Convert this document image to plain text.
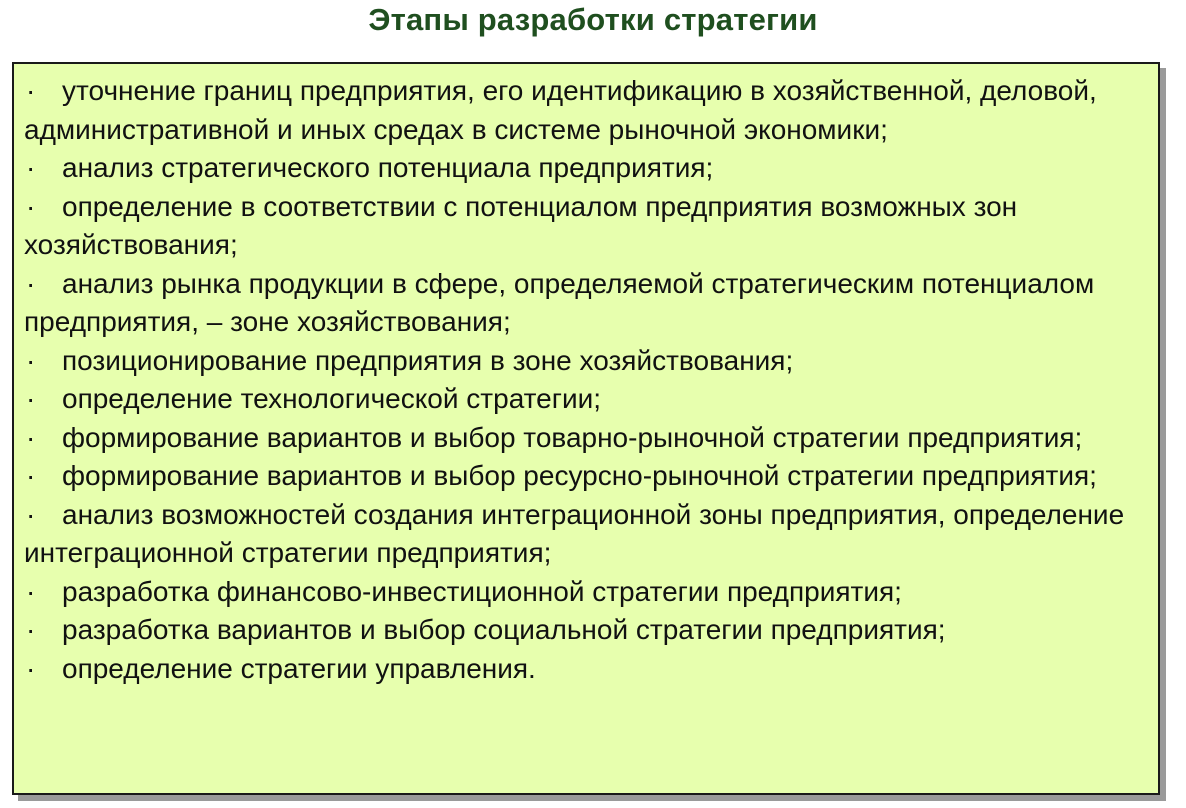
Этапы разработки стратегии
· уточнение границ предприятия, его идентификацию в хозяйственной, деловой, административной и иных средах в системе рыночной экономики;
· анализ стратегического потенциала предприятия;
· определение в соответствии с потенциалом предприятия возможных зон хозяйствования;
· анализ рынка продукции в сфере, определяемой стратегическим потенциалом предприятия, – зоне хозяйствования;
· позиционирование предприятия в зоне хозяйствования;
· определение технологической стратегии;
· формирование вариантов и выбор товарно-рыночной стратегии предприятия;
· формирование вариантов и выбор ресурсно-рыночной стратегии предприятия;
· анализ возможностей создания интеграционной зоны предприятия, определение интеграционной стратегии предприятия;
· разработка финансово-инвестиционной стратегии предприятия;
· разработка вариантов и выбор социальной стратегии предприятия;
· определение стратегии управления.
